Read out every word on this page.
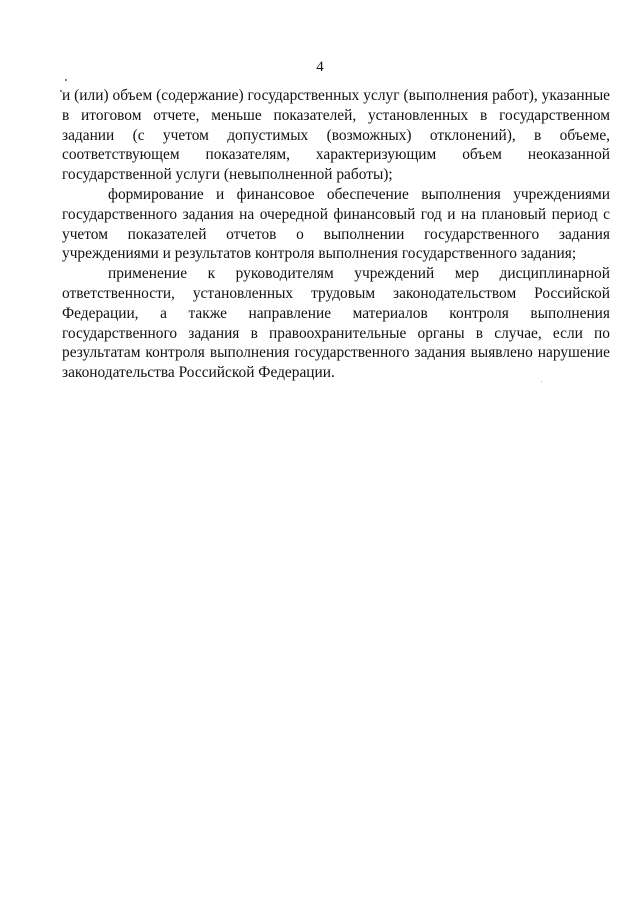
4

и (или) объем (содержание) государственных услуг (выполнения работ), указанные в итоговом отчете, меньше показателей, установленных в государственном задании (с учетом допустимых (возможных) отклонений), в объеме, соответствующем показателям, характеризующим объем неоказанной государственной услуги (невыполненной работы);

формирование и финансовое обеспечение выполнения учреждениями государственного задания на очередной финансовый год и на плановый период с учетом показателей отчетов о выполнении государственного задания учреждениями и результатов контроля выполнения государственного задания;

применение к руководителям учреждений мер дисциплинарной ответственности, установленных трудовым законодательством Российской Федерации, а также направление материалов контроля выполнения государственного задания в правоохранительные органы в случае, если по результатам контроля выполнения государственного задания выявлено нарушение законодательства Российской Федерации.
